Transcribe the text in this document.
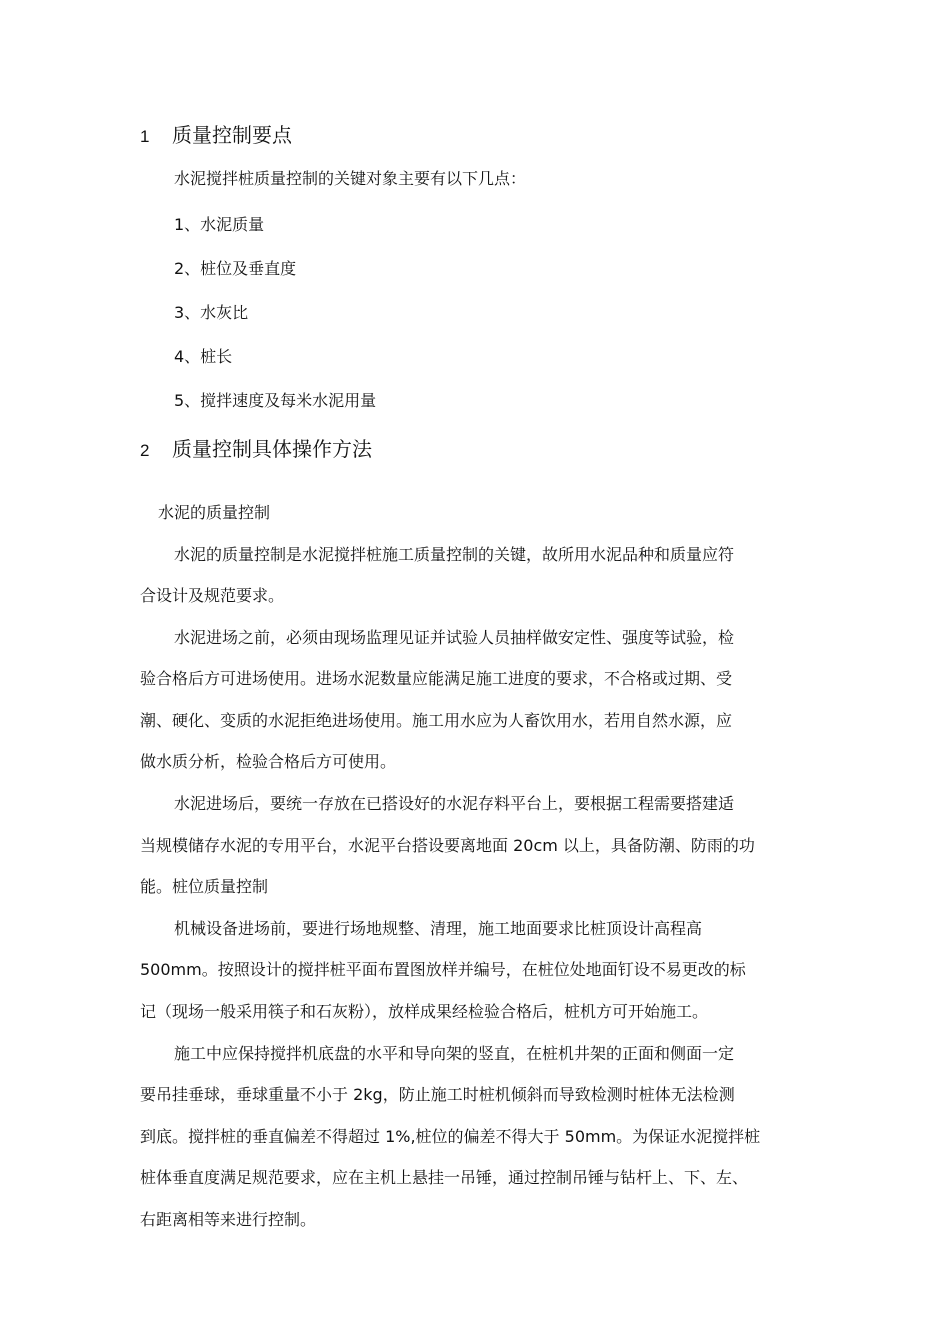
1 质量控制要点
水泥搅拌桩质量控制的关键对象主要有以下几点：
1、水泥质量
2、桩位及垂直度
3、水灰比
4、桩长
5、搅拌速度及每米水泥用量
2 质量控制具体操作方法
水泥的质量控制
水泥的质量控制是水泥搅拌桩施工质量控制的关键，故所用水泥品种和质量应符
合设计及规范要求。
水泥进场之前，必须由现场监理见证并试验人员抽样做安定性、强度等试验，检
验合格后方可进场使用。进场水泥数量应能满足施工进度的要求，不合格或过期、受
潮、硬化、变质的水泥拒绝进场使用。施工用水应为人畜饮用水，若用自然水源，应
做水质分析，检验合格后方可使用。
水泥进场后，要统一存放在已搭设好的水泥存料平台上，要根据工程需要搭建适
当规模储存水泥的专用平台，水泥平台搭设要离地面 20cm 以上，具备防潮、防雨的功
能。桩位质量控制
机械设备进场前，要进行场地规整、清理，施工地面要求比桩顶设计高程高
500mm。按照设计的搅拌桩平面布置图放样并编号，在桩位处地面钉设不易更改的标
记（现场一般采用筷子和石灰粉），放样成果经检验合格后，桩机方可开始施工。
施工中应保持搅拌机底盘的水平和导向架的竖直，在桩机井架的正面和侧面一定
要吊挂垂球，垂球重量不小于 2kg，防止施工时桩机倾斜而导致检测时桩体无法检测
到底。搅拌桩的垂直偏差不得超过 1%,桩位的偏差不得大于 50mm。为保证水泥搅拌桩
桩体垂直度满足规范要求，应在主机上悬挂一吊锤，通过控制吊锤与钻杆上、下、左、
右距离相等来进行控制。
